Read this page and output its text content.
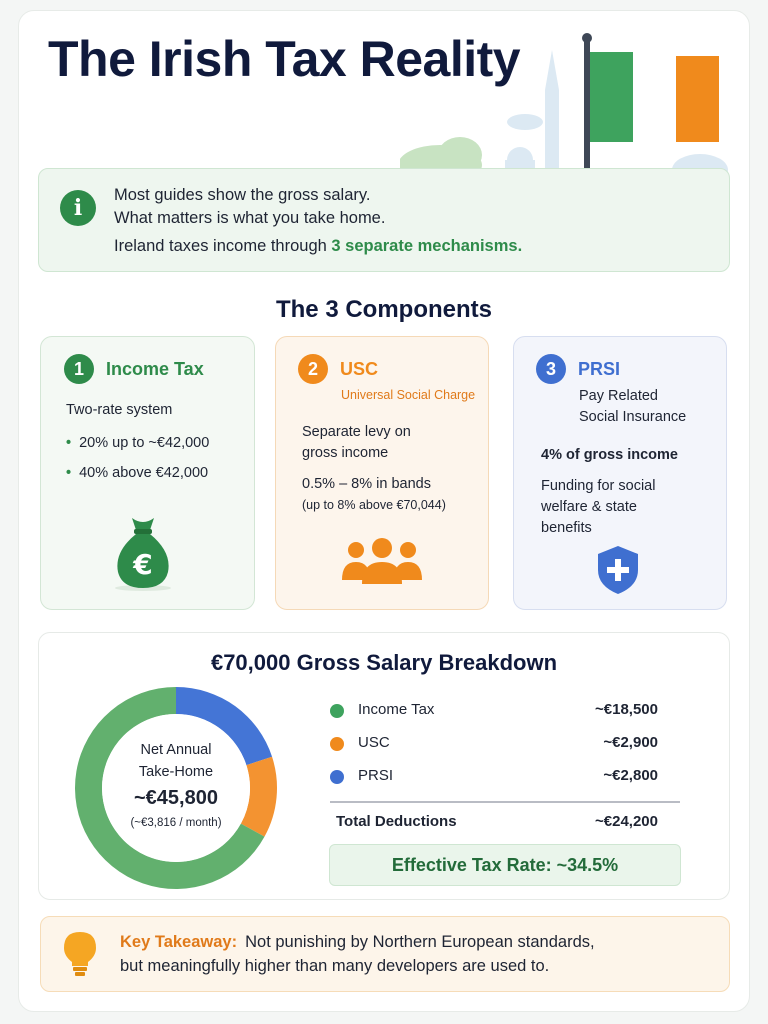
The Irish Tax Reality
i	Most guides show the gross salary.
What matters is what you take home.
Ireland taxes income through 3 separate mechanisms.
The 3 Components
1	Income Tax
Two-rate system
• 20% up to ~€42,000
• 40% above €42,000
€
2	USC
Universal Social Charge
Separate levy on
gross income
0.5% – 8% in bands
(up to 8% above €70,044)
3	PRSI
Pay Related
Social Insurance
4% of gross income
Funding for social
welfare & state
benefits
€70,000 Gross Salary Breakdown
Net Annual
Take-Home
~€45,800
(~€3,816 / month)
Income Tax	~€18,500
USC	~€2,900
PRSI	~€2,800
Total Deductions	~€24,200
Effective Tax Rate: ~34.5%
Key Takeaway: Not punishing by Northern European standards,
but meaningfully higher than many developers are used to.
